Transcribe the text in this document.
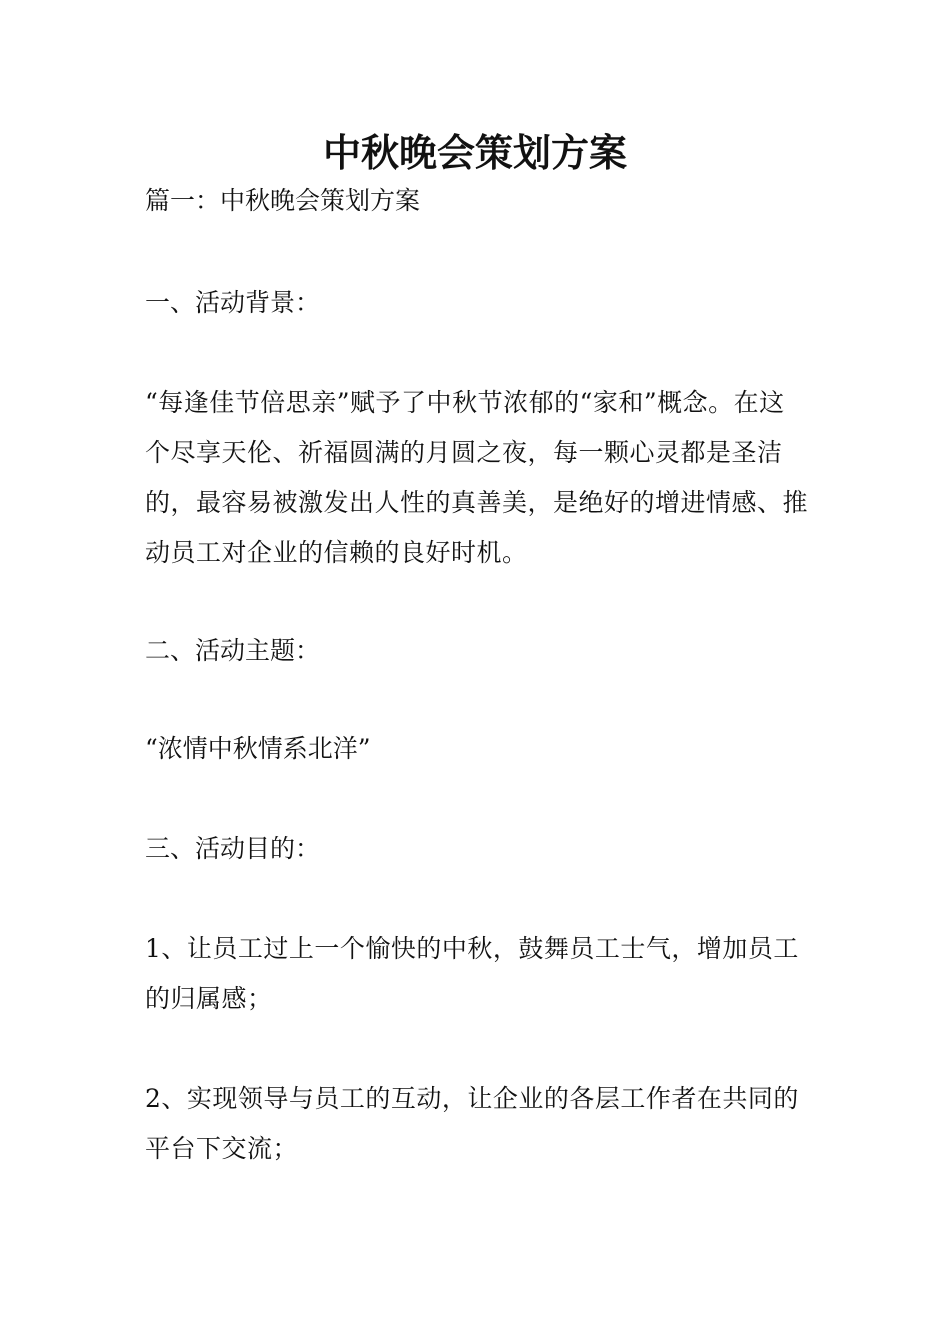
中秋晚会策划方案

篇一：中秋晚会策划方案

一、活动背景：

“每逢佳节倍思亲”赋予了中秋节浓郁的“家和”概念。在这个尽享天伦、祈福圆满的月圆之夜，每一颗心灵都是圣洁的，最容易被激发出人性的真善美，是绝好的增进情感、推动员工对企业的信赖的良好时机。

二、活动主题：

“浓情中秋情系北洋”

三、活动目的：

1、让员工过上一个愉快的中秋，鼓舞员工士气，增加员工的归属感；

2、实现领导与员工的互动，让企业的各层工作者在共同的平台下交流；
